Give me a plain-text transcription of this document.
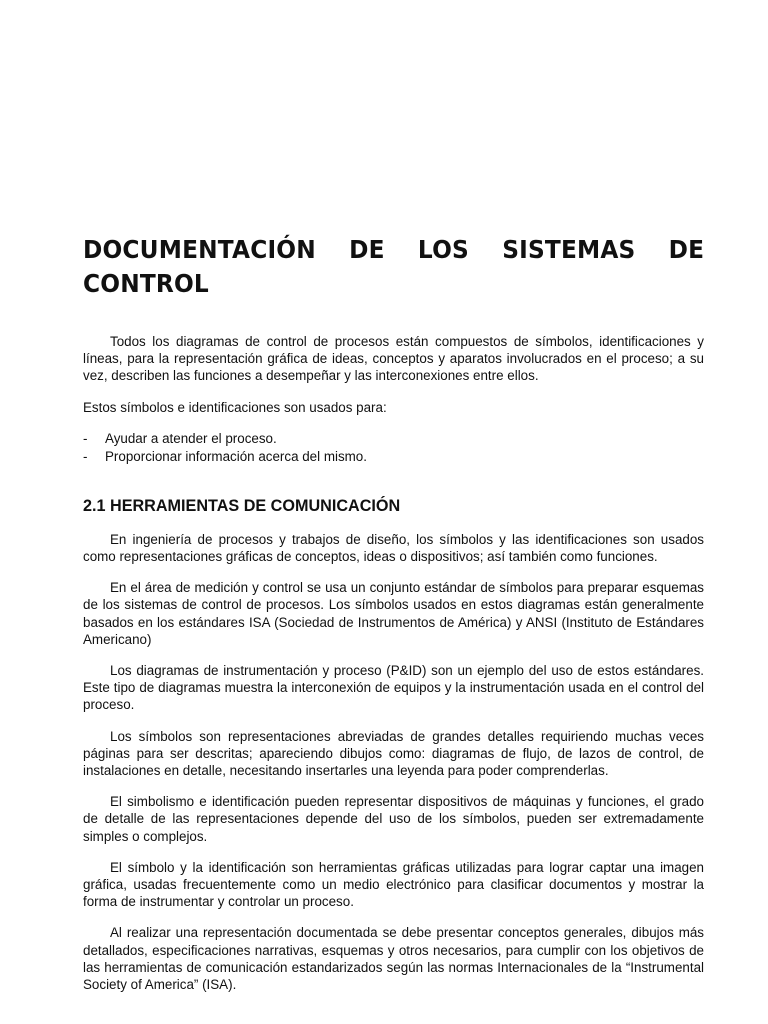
DOCUMENTACIÓN DE LOS SISTEMAS DE
CONTROL

Todos los diagramas de control de procesos están compuestos de símbolos, identificaciones y líneas, para la representación gráfica de ideas, conceptos y aparatos involucrados en el proceso; a su vez, describen las funciones a desempeñar y las interconexiones entre ellos.

Estos símbolos e identificaciones son usados para:

- Ayudar a atender el proceso.
- Proporcionar información acerca del mismo.
2.1 HERRAMIENTAS DE COMUNICACIÓN

En ingeniería de procesos y trabajos de diseño, los símbolos y las identificaciones son usados como representaciones gráficas de conceptos, ideas o dispositivos; así también como funciones.

En el área de medición y control se usa un conjunto estándar de símbolos para preparar esquemas de los sistemas de control de procesos. Los símbolos usados en estos diagramas están generalmente basados en los estándares ISA (Sociedad de Instrumentos de América) y ANSI (Instituto de Estándares Americano)

Los diagramas de instrumentación y proceso (P&ID) son un ejemplo del uso de estos estándares. Este tipo de diagramas muestra la interconexión de equipos y la instrumentación usada en el control del proceso.

Los símbolos son representaciones abreviadas de grandes detalles requiriendo muchas veces páginas para ser descritas; apareciendo dibujos como: diagramas de flujo, de lazos de control, de instalaciones en detalle, necesitando insertarles una leyenda para poder comprenderlas.

El simbolismo e identificación pueden representar dispositivos de máquinas y funciones, el grado de detalle de las representaciones depende del uso de los símbolos, pueden ser extremadamente simples o complejos.

El símbolo y la identificación son herramientas gráficas utilizadas para lograr captar una imagen gráfica, usadas frecuentemente como un medio electrónico para clasificar documentos y mostrar la forma de instrumentar y controlar un proceso.

Al realizar una representación documentada se debe presentar conceptos generales, dibujos más detallados, especificaciones narrativas, esquemas y otros necesarios, para cumplir con los objetivos de las herramientas de comunicación estandarizados según las normas Internacionales de la “Instrumental Society of America” (ISA).
